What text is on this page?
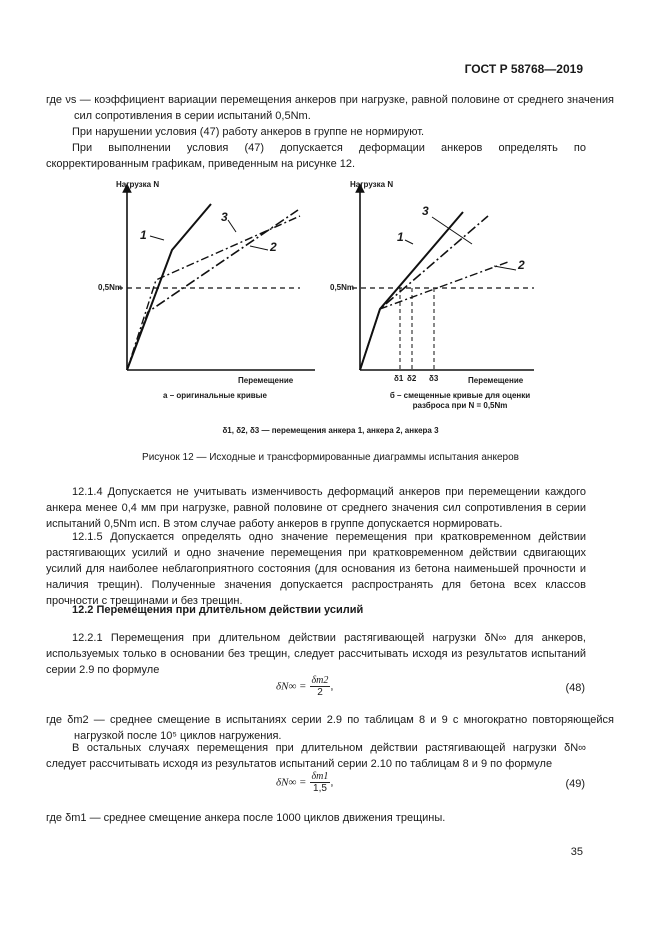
ГОСТ Р 58768—2019

где νs — коэффициент вариации перемещения анкеров при нагрузке, равной половине от среднего значения сил сопротивления в серии испытаний 0,5Nm.

При нарушении условия (47) работу анкеров в группе не нормируют.

При выполнении условия (47) допускается деформации анкеров определять по скорректированным графикам, приведенным на рисунке 12.

Нагрузка N
0,5Nm
Перемещение
1
3
2
а – оригинальные кривые
Нагрузка N
0,5Nm
Перемещение
1
3
2
δ1 δ2 δ3
б – смещенные кривые для оценки
разброса при N = 0,5Nm
δ1, δ2, δ3 — перемещения анкера 1, анкера 2, анкера 3
Рисунок 12 — Исходные и трансформированные диаграммы испытания анкеров

12.1.4 Допускается не учитывать изменчивость деформаций анкеров при перемещении каждого анкера менее 0,4 мм при нагрузке, равной половине от среднего значения сил сопротивления в серии испытаний 0,5Nm исп. В этом случае работу анкеров в группе допускается нормировать.

12.1.5 Допускается определять одно значение перемещения при кратковременном действии растягивающих усилий и одно значение перемещения при кратковременном действии сдвигающих усилий для наиболее неблагоприятного состояния (для основания из бетона наименьшей прочности и наличия трещин). Полученные значения допускается распространять для бетона всех классов прочности с трещинами и без трещин.

12.2 Перемещения при длительном действии усилий

12.2.1 Перемещения при длительном действии растягивающей нагрузки δN∞ для анкеров, используемых только в основании без трещин, следует рассчитывать исходя из результатов испытаний серии 2.9 по формуле

$\delta N\infty = \frac{\delta m2}{2}$ ,	(48)

где δm2 — среднее смещение в испытаниях серии 2.9 по таблицам 8 и 9 с многократно повторяющейся нагрузкой после 10⁵ циклов нагружения.

В остальных случаях перемещения при длительном действии растягивающей нагрузки δN∞ следует рассчитывать исходя из результатов испытаний серии 2.10 по таблицам 8 и 9 по формуле

$\delta N\infty = \frac{\delta m1}{1,5}$ ,	(49)

где δm1 — среднее смещение анкера после 1000 циклов движения трещины.

35
